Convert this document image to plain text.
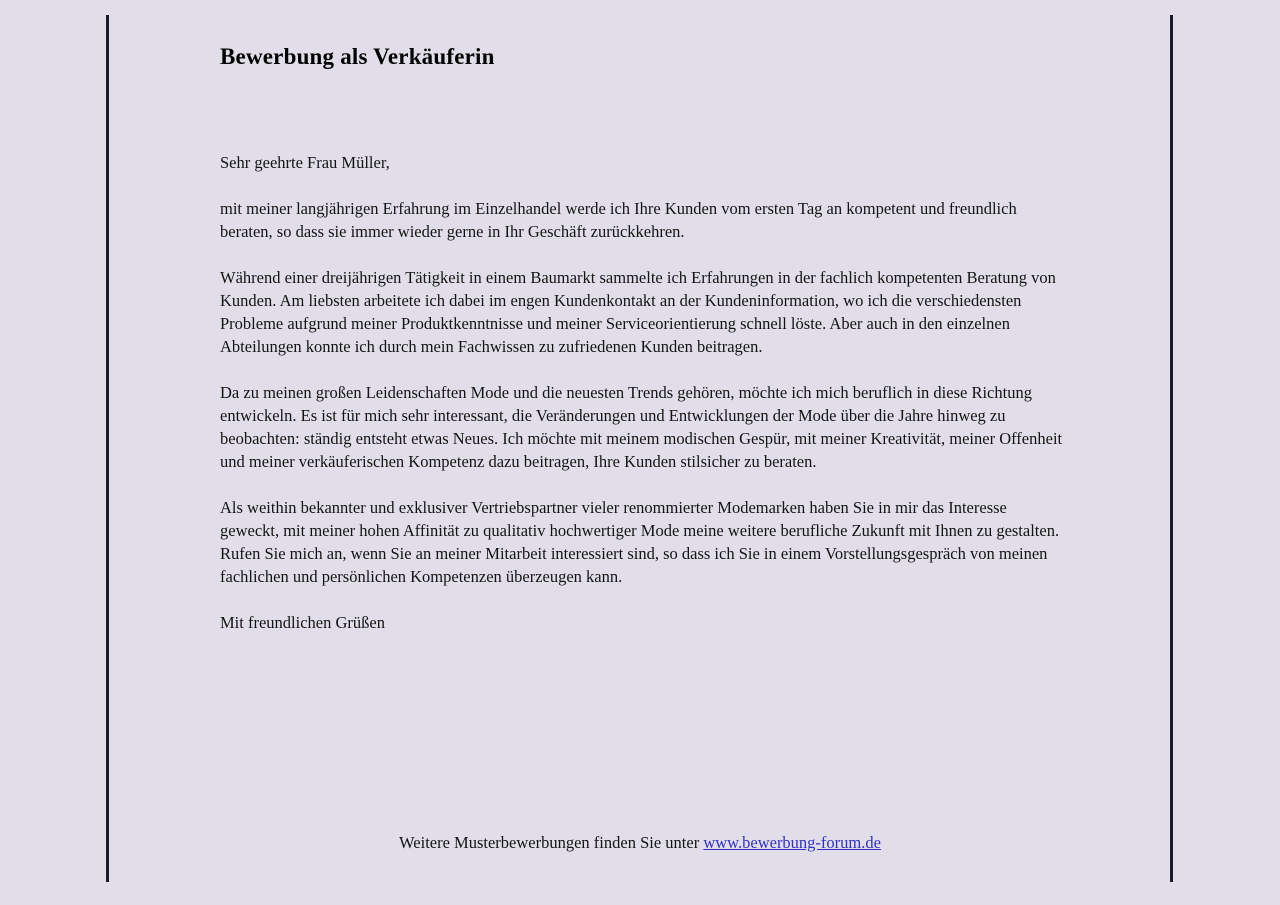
Bewerbung als Verkäuferin

Sehr geehrte Frau Müller,

mit meiner langjährigen Erfahrung im Einzelhandel werde ich Ihre Kunden vom ersten Tag an kompetent und freundlich beraten, so dass sie immer wieder gerne in Ihr Geschäft zurückkehren.

Während einer dreijährigen Tätigkeit in einem Baumarkt sammelte ich Erfahrungen in der fachlich kompetenten Beratung von Kunden. Am liebsten arbeitete ich dabei im engen Kundenkontakt an der Kundeninformation, wo ich die verschiedensten Probleme aufgrund meiner Produktkenntnisse und meiner Serviceorientierung schnell löste. Aber auch in den einzelnen Abteilungen konnte ich durch mein Fachwissen zu zufriedenen Kunden beitragen.

Da zu meinen großen Leidenschaften Mode und die neuesten Trends gehören, möchte ich mich beruflich in diese Richtung entwickeln. Es ist für mich sehr interessant, die Veränderungen und Entwicklungen der Mode über die Jahre hinweg zu beobachten: ständig entsteht etwas Neues. Ich möchte mit meinem modischen Gespür, mit meiner Kreativität, meiner Offenheit und meiner verkäuferischen Kompetenz dazu beitragen, Ihre Kunden stilsicher zu beraten.

Als weithin bekannter und exklusiver Vertriebspartner vieler renommierter Modemarken haben Sie in mir das Interesse geweckt, mit meiner hohen Affinität zu qualitativ hochwertiger Mode meine weitere berufliche Zukunft mit Ihnen zu gestalten. Rufen Sie mich an, wenn Sie an meiner Mitarbeit interessiert sind, so dass ich Sie in einem Vorstellungsgespräch von meinen fachlichen und persönlichen Kompetenzen überzeugen kann.

Mit freundlichen Grüßen

Weitere Musterbewerbungen finden Sie unter www.bewerbung-forum.de
